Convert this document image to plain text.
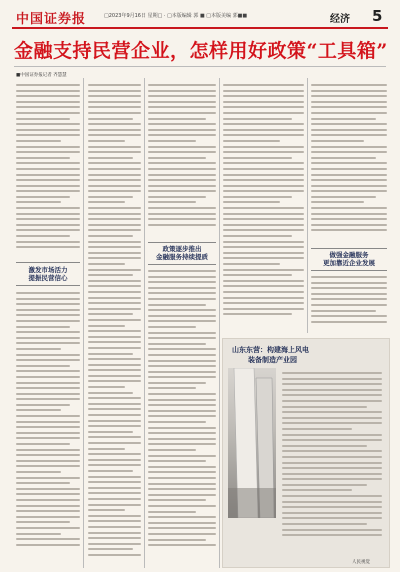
中国证券报	□2023年9月16日 星期□ · □本版编辑 郭 ■ □本版美编 郭■■	经济 5
金融支持民营企业，怎样用好政策“工具箱”
■中国证券报记者 齐慧慧
激发市场活力
提振民营信心
政策逐步推出
金融服务持续提质	做强金融服务
更加靠近企业发展
山东东营：构建海上风电
装备制造产业园
人民视觉
